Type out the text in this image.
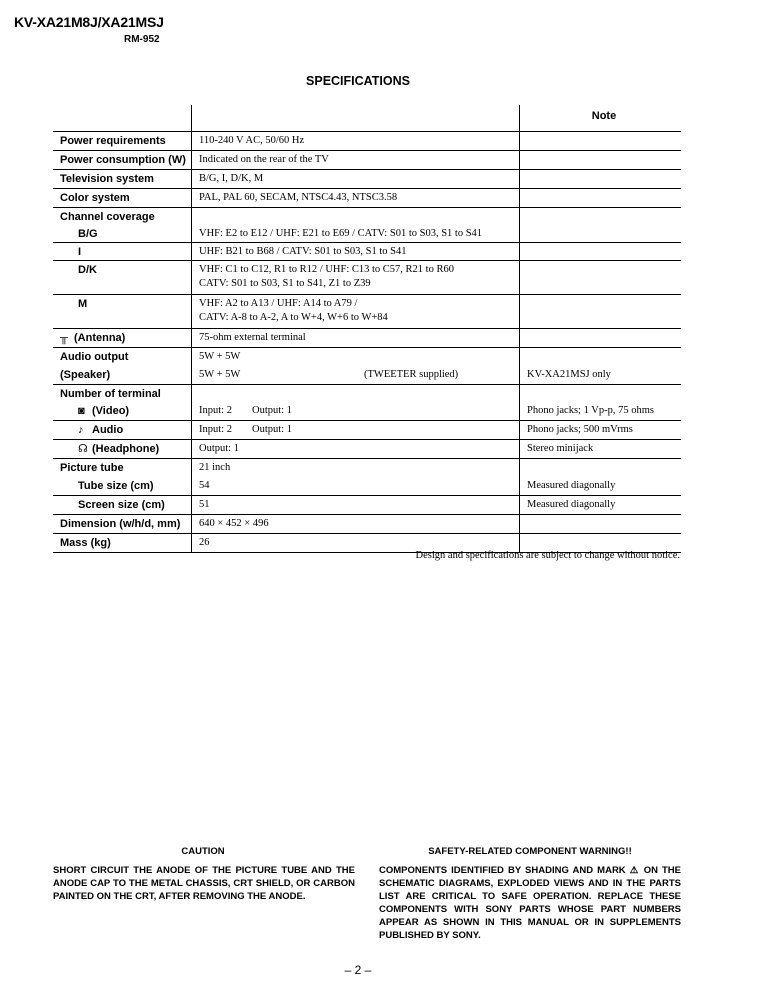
KV-XA21M8J/XA21MSJ
RM-952
SPECIFICATIONS
Note
Power requirements	110-240 V AC, 50/60 Hz
Power consumption (W)	Indicated on the rear of the TV
Television system	B/G, I, D/K, M
Color system	PAL, PAL 60, SECAM, NTSC4.43, NTSC3.58
Channel coverage
B/G	VHF: E2 to E12 / UHF: E21 to E69 / CATV: S01 to S03, S1 to S41
I	UHF: B21 to B68 / CATV: S01 to S03, S1 to S41
D/K	VHF: C1 to C12, R1 to R12 / UHF: C13 to C57, R21 to R60
CATV: S01 to S03, S1 to S41, Z1 to Z39
M	VHF: A2 to A13 / UHF: A14 to A79 /
CATV: A-8 to A-2, A to W+4, W+6 to W+84
╥ (Antenna)	75-ohm external terminal
Audio output	5W + 5W
(Speaker)	5W + 5W	(TWEETER supplied)	KV-XA21MSJ only
Number of terminal
◙ (Video)	Input: 2 Output: 1	Phono jacks; 1 Vp-p, 75 ohms
♪ Audio	Input: 2 Output: 1	Phono jacks; 500 mVrms
☊ (Headphone)	Output: 1	Stereo minijack
Picture tube	21 inch
Tube size (cm)	54	Measured diagonally
Screen size (cm)	51	Measured diagonally
Dimension (w/h/d, mm)	640 × 452 × 496
Mass (kg)	26
Design and specifications are subject to change without notice.
CAUTION
SHORT CIRCUIT THE ANODE OF THE PICTURE TUBE AND THE ANODE CAP TO THE METAL CHASSIS, CRT SHIELD, OR CARBON PAINTED ON THE CRT, AFTER REMOVING THE ANODE.
SAFETY-RELATED COMPONENT WARNING!!
COMPONENTS IDENTIFIED BY SHADING AND MARK ⚠ ON THE SCHEMATIC DIAGRAMS, EXPLODED VIEWS AND IN THE PARTS LIST ARE CRITICAL TO SAFE OPERATION. REPLACE THESE COMPONENTS WITH SONY PARTS WHOSE PART NUMBERS APPEAR AS SHOWN IN THIS MANUAL OR IN SUPPLEMENTS PUBLISHED BY SONY.
– 2 –
